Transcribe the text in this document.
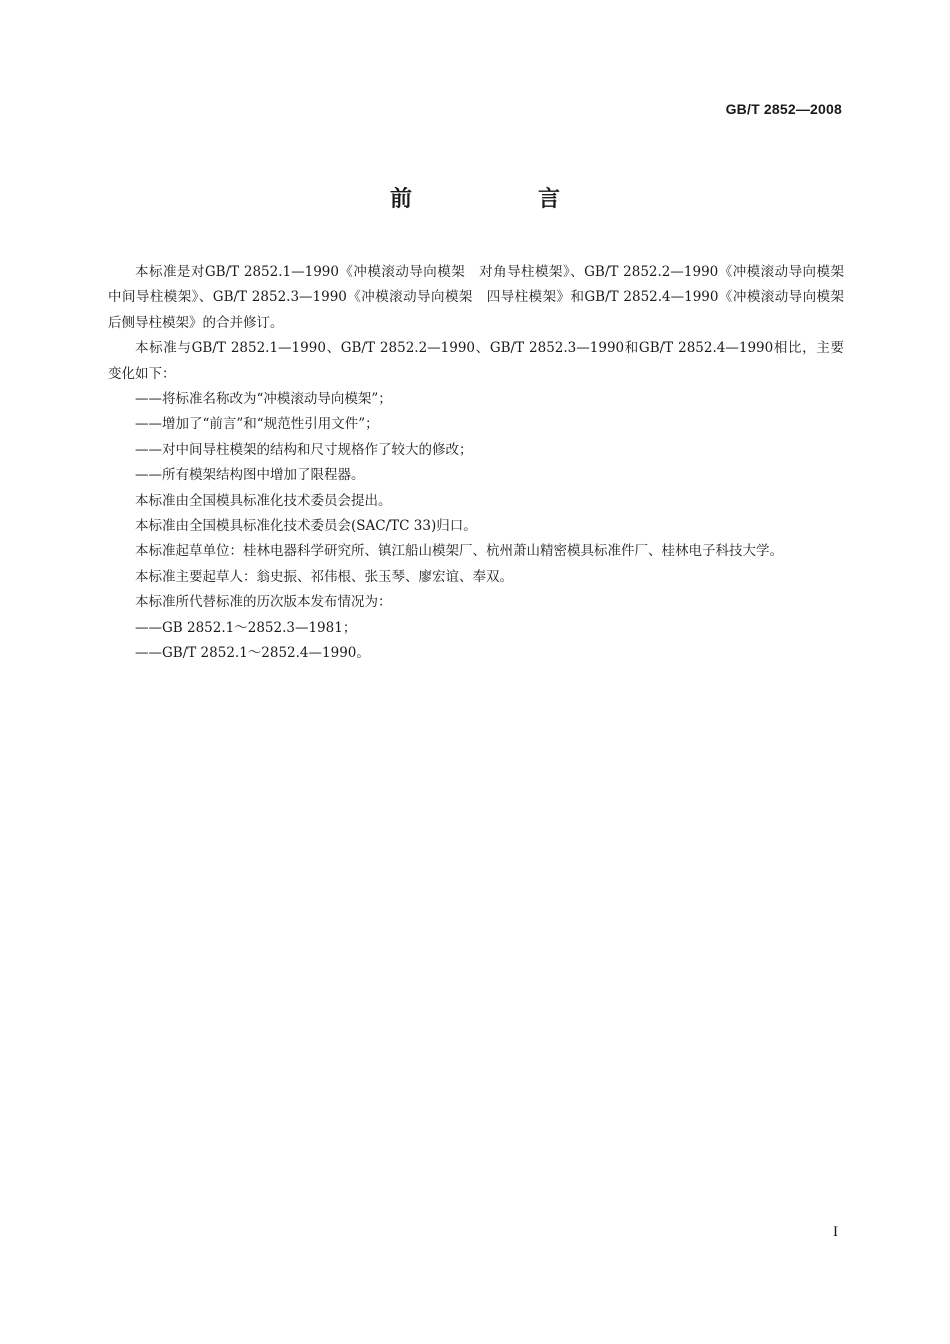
GB/T 2852—2008
前　言

本标准是对GB/T 2852.1—1990《冲模滚动导向模架　对角导柱模架》、GB/T 2852.2—1990《冲模滚动导向模架　中间导柱模架》、GB/T 2852.3—1990《冲模滚动导向模架　四导柱模架》和GB/T 2852.4—1990《冲模滚动导向模架　后侧导柱模架》的合并修订。

本标准与GB/T 2852.1—1990、GB/T 2852.2—1990、GB/T 2852.3—1990和GB/T 2852.4—1990相比，主要变化如下：

——将标准名称改为“冲模滚动导向模架”；

——增加了“前言”和“规范性引用文件”；

——对中间导柱模架的结构和尺寸规格作了较大的修改；

——所有模架结构图中增加了限程器。

本标准由全国模具标准化技术委员会提出。

本标准由全国模具标准化技术委员会(SAC/TC 33)归口。

本标准起草单位：桂林电器科学研究所、镇江船山模架厂、杭州萧山精密模具标准件厂、桂林电子科技大学。

本标准主要起草人：翁史振、祁伟根、张玉琴、廖宏谊、奉双。

本标准所代替标准的历次版本发布情况为：

——GB 2852.1～2852.3—1981；

——GB/T 2852.1～2852.4—1990。

I
